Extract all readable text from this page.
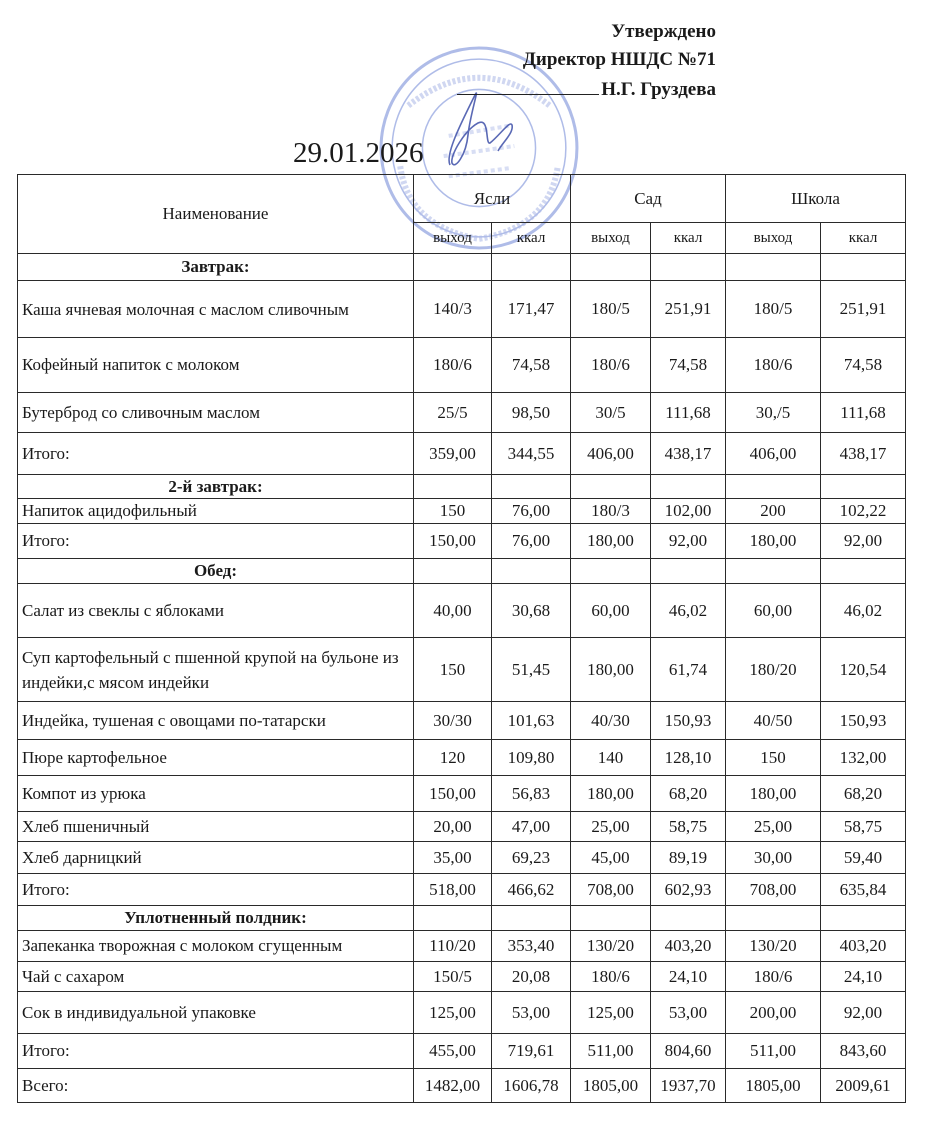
Утверждено
Директор НШДС №71
Н.Г. Груздева
29.01.2026
Наименование	Ясли		Сад		Школа	
	выход	ккал	выход	ккал	выход	ккал
Завтрак:						
Каша ячневая молочная с маслом сливочным	140/3	171,47	180/5	251,91	180/5	251,91
Кофейный напиток с молоком	180/6	74,58	180/6	74,58	180/6	74,58
Бутерброд со сливочным маслом	25/5	98,50	30/5	111,68	30,/5	111,68
Итого:	359,00	344,55	406,00	438,17	406,00	438,17
2-й завтрак:						
Напиток ацидофильный	150	76,00	180/3	102,00	200	102,22
Итого:	150,00	76,00	180,00	92,00	180,00	92,00
Обед:						
Салат из свеклы с яблоками	40,00	30,68	60,00	46,02	60,00	46,02
Суп картофельный с пшенной крупой на бульоне из индейки,с мясом индейки	150	51,45	180,00	61,74	180/20	120,54
Индейка, тушеная с овощами по-татарски	30/30	101,63	40/30	150,93	40/50	150,93
Пюре картофельное	120	109,80	140	128,10	150	132,00
Компот из урюка	150,00	56,83	180,00	68,20	180,00	68,20
Хлеб пшеничный	20,00	47,00	25,00	58,75	25,00	58,75
Хлеб дарницкий	35,00	69,23	45,00	89,19	30,00	59,40
Итого:	518,00	466,62	708,00	602,93	708,00	635,84
Уплотненный полдник:						
Запеканка творожная с молоком сгущенным	110/20	353,40	130/20	403,20	130/20	403,20
Чай с сахаром	150/5	20,08	180/6	24,10	180/6	24,10
Сок в индивидуальной упаковке	125,00	53,00	125,00	53,00	200,00	92,00
Итого:	455,00	719,61	511,00	804,60	511,00	843,60
Всего:	1482,00	1606,78	1805,00	1937,70	1805,00	2009,61
